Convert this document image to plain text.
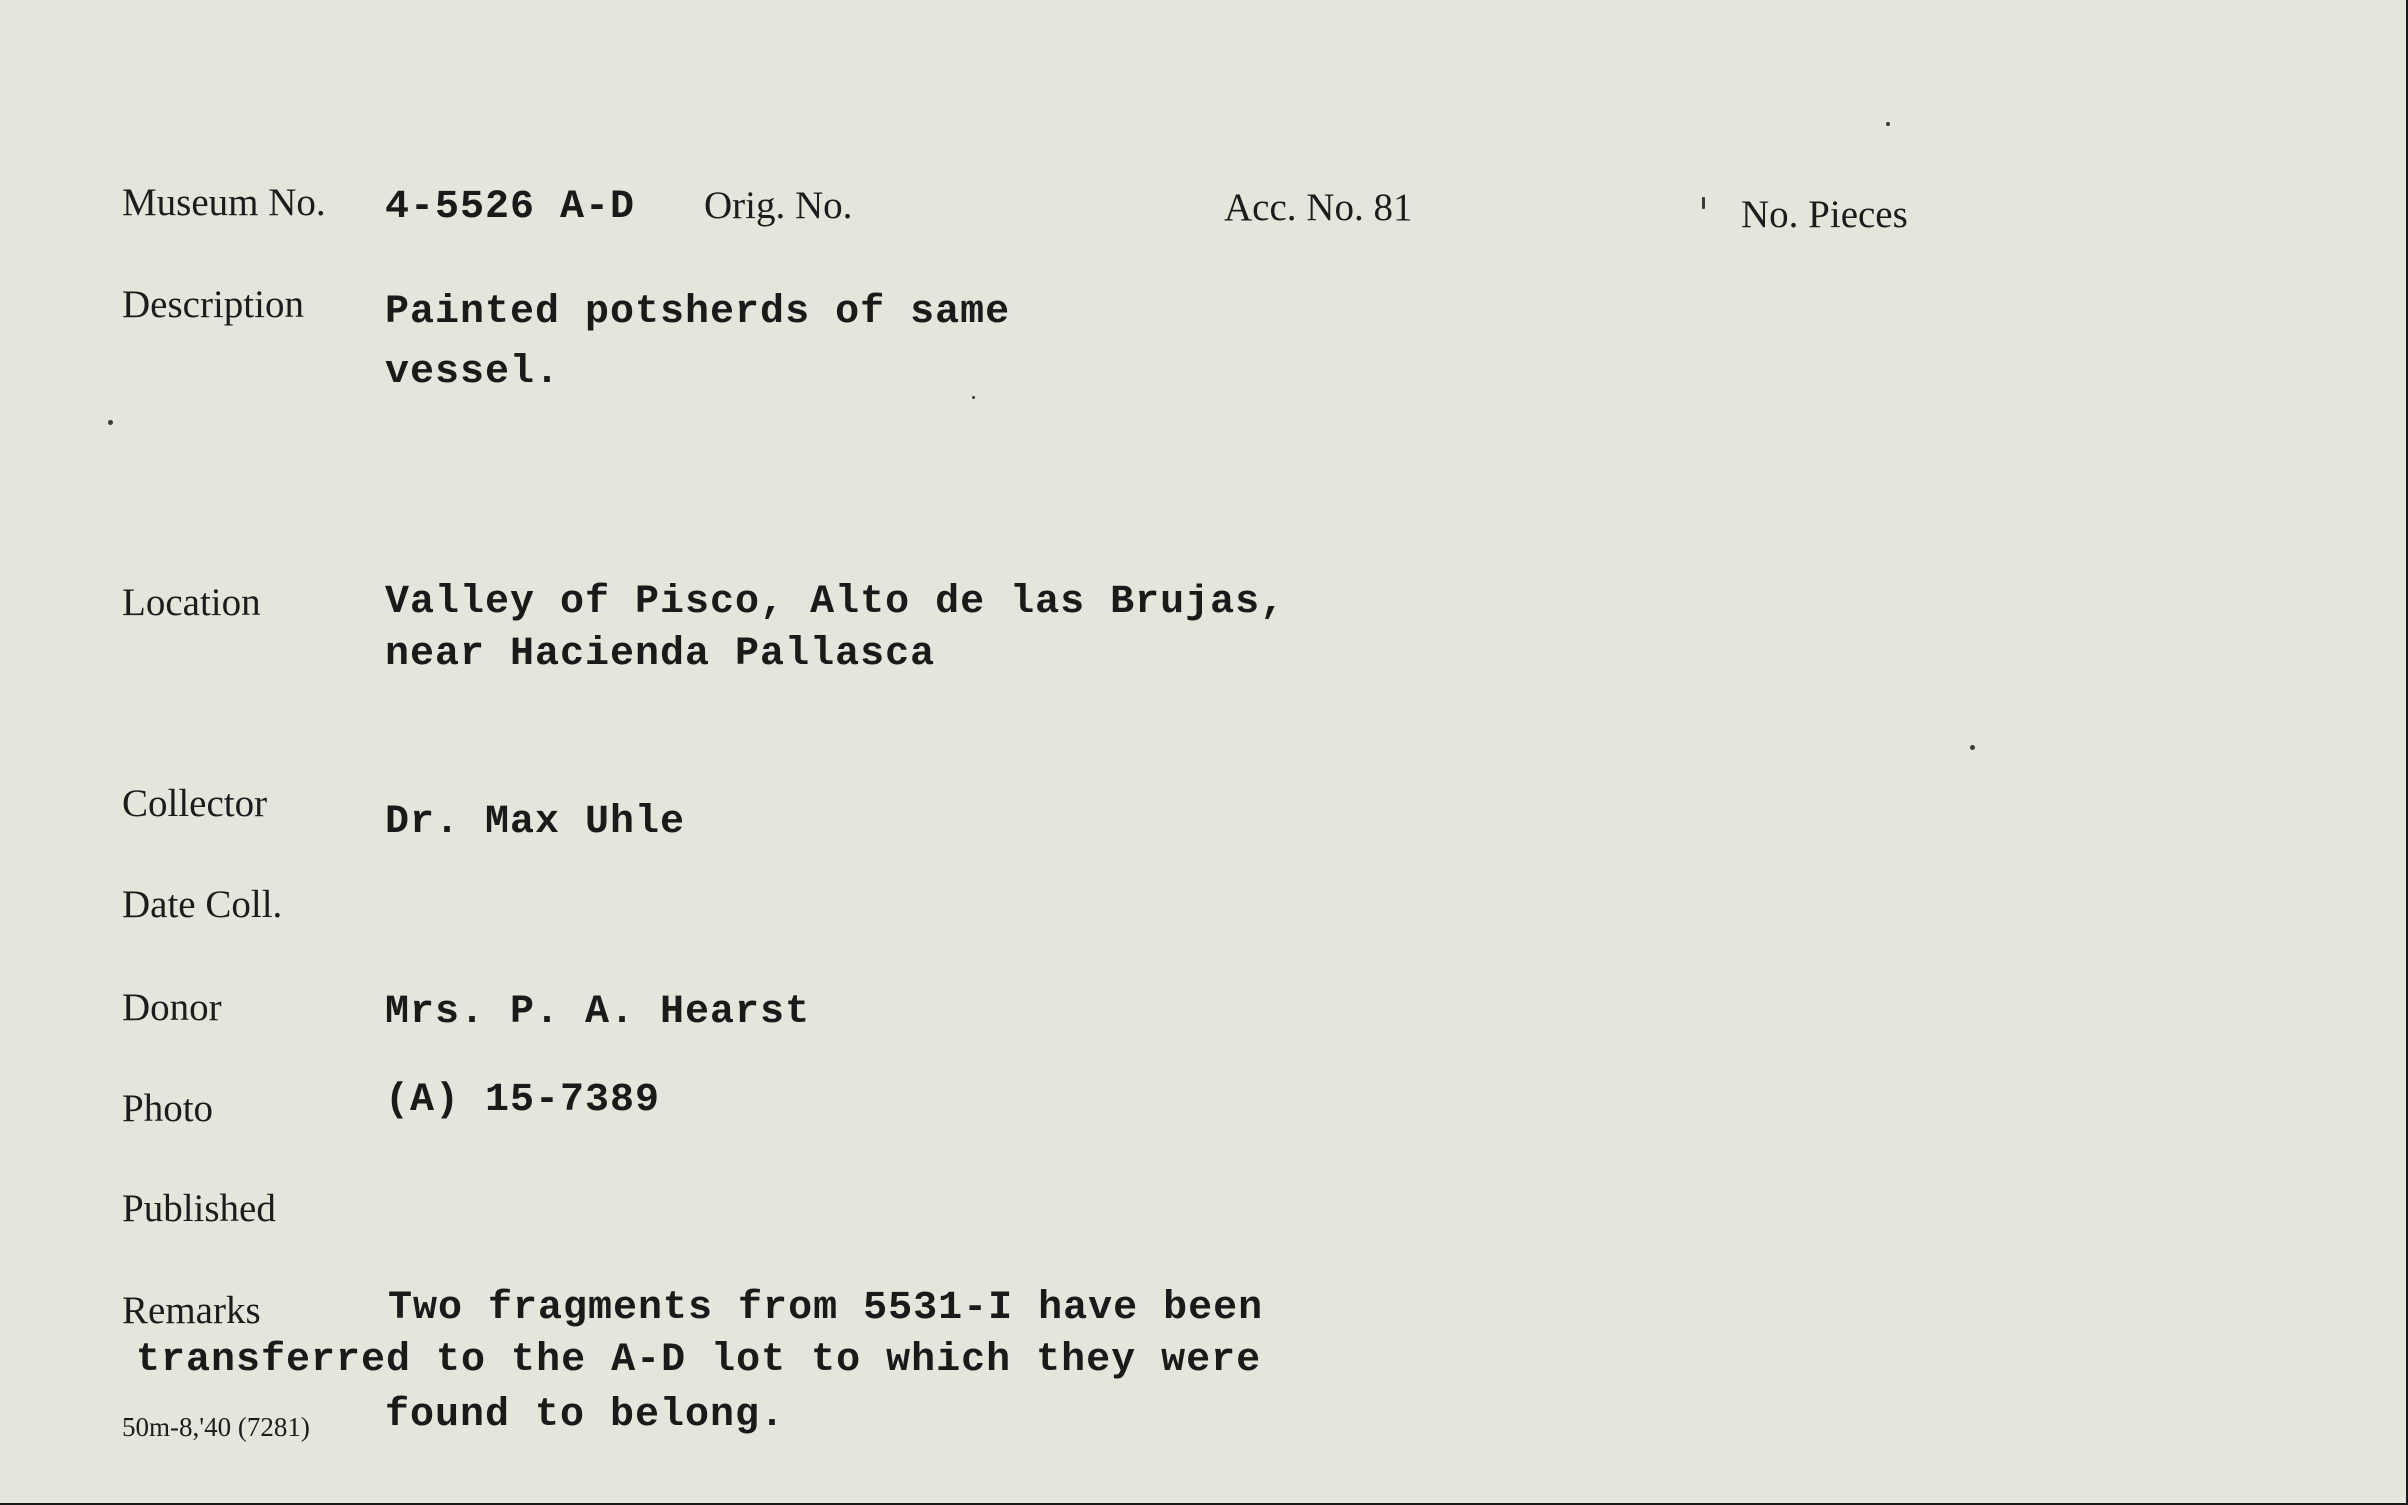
Museum No. 4-5526 A-D Orig. No.	Acc. No. 81	No. Pieces
Description Painted potsherds of same
vessel.
Location	Valley of Pisco, Alto de las Brujas,
near Hacienda Pallasca
Collector	Dr. Max Uhle
Date Coll.
Donor	Mrs. P. A. Hearst
Photo	(A) 15-7389
Published
Remarks	Two fragments from 5531-I have been
transferred to the A-D lot to which they were
found to belong.
50m-8,'40 (7281)
